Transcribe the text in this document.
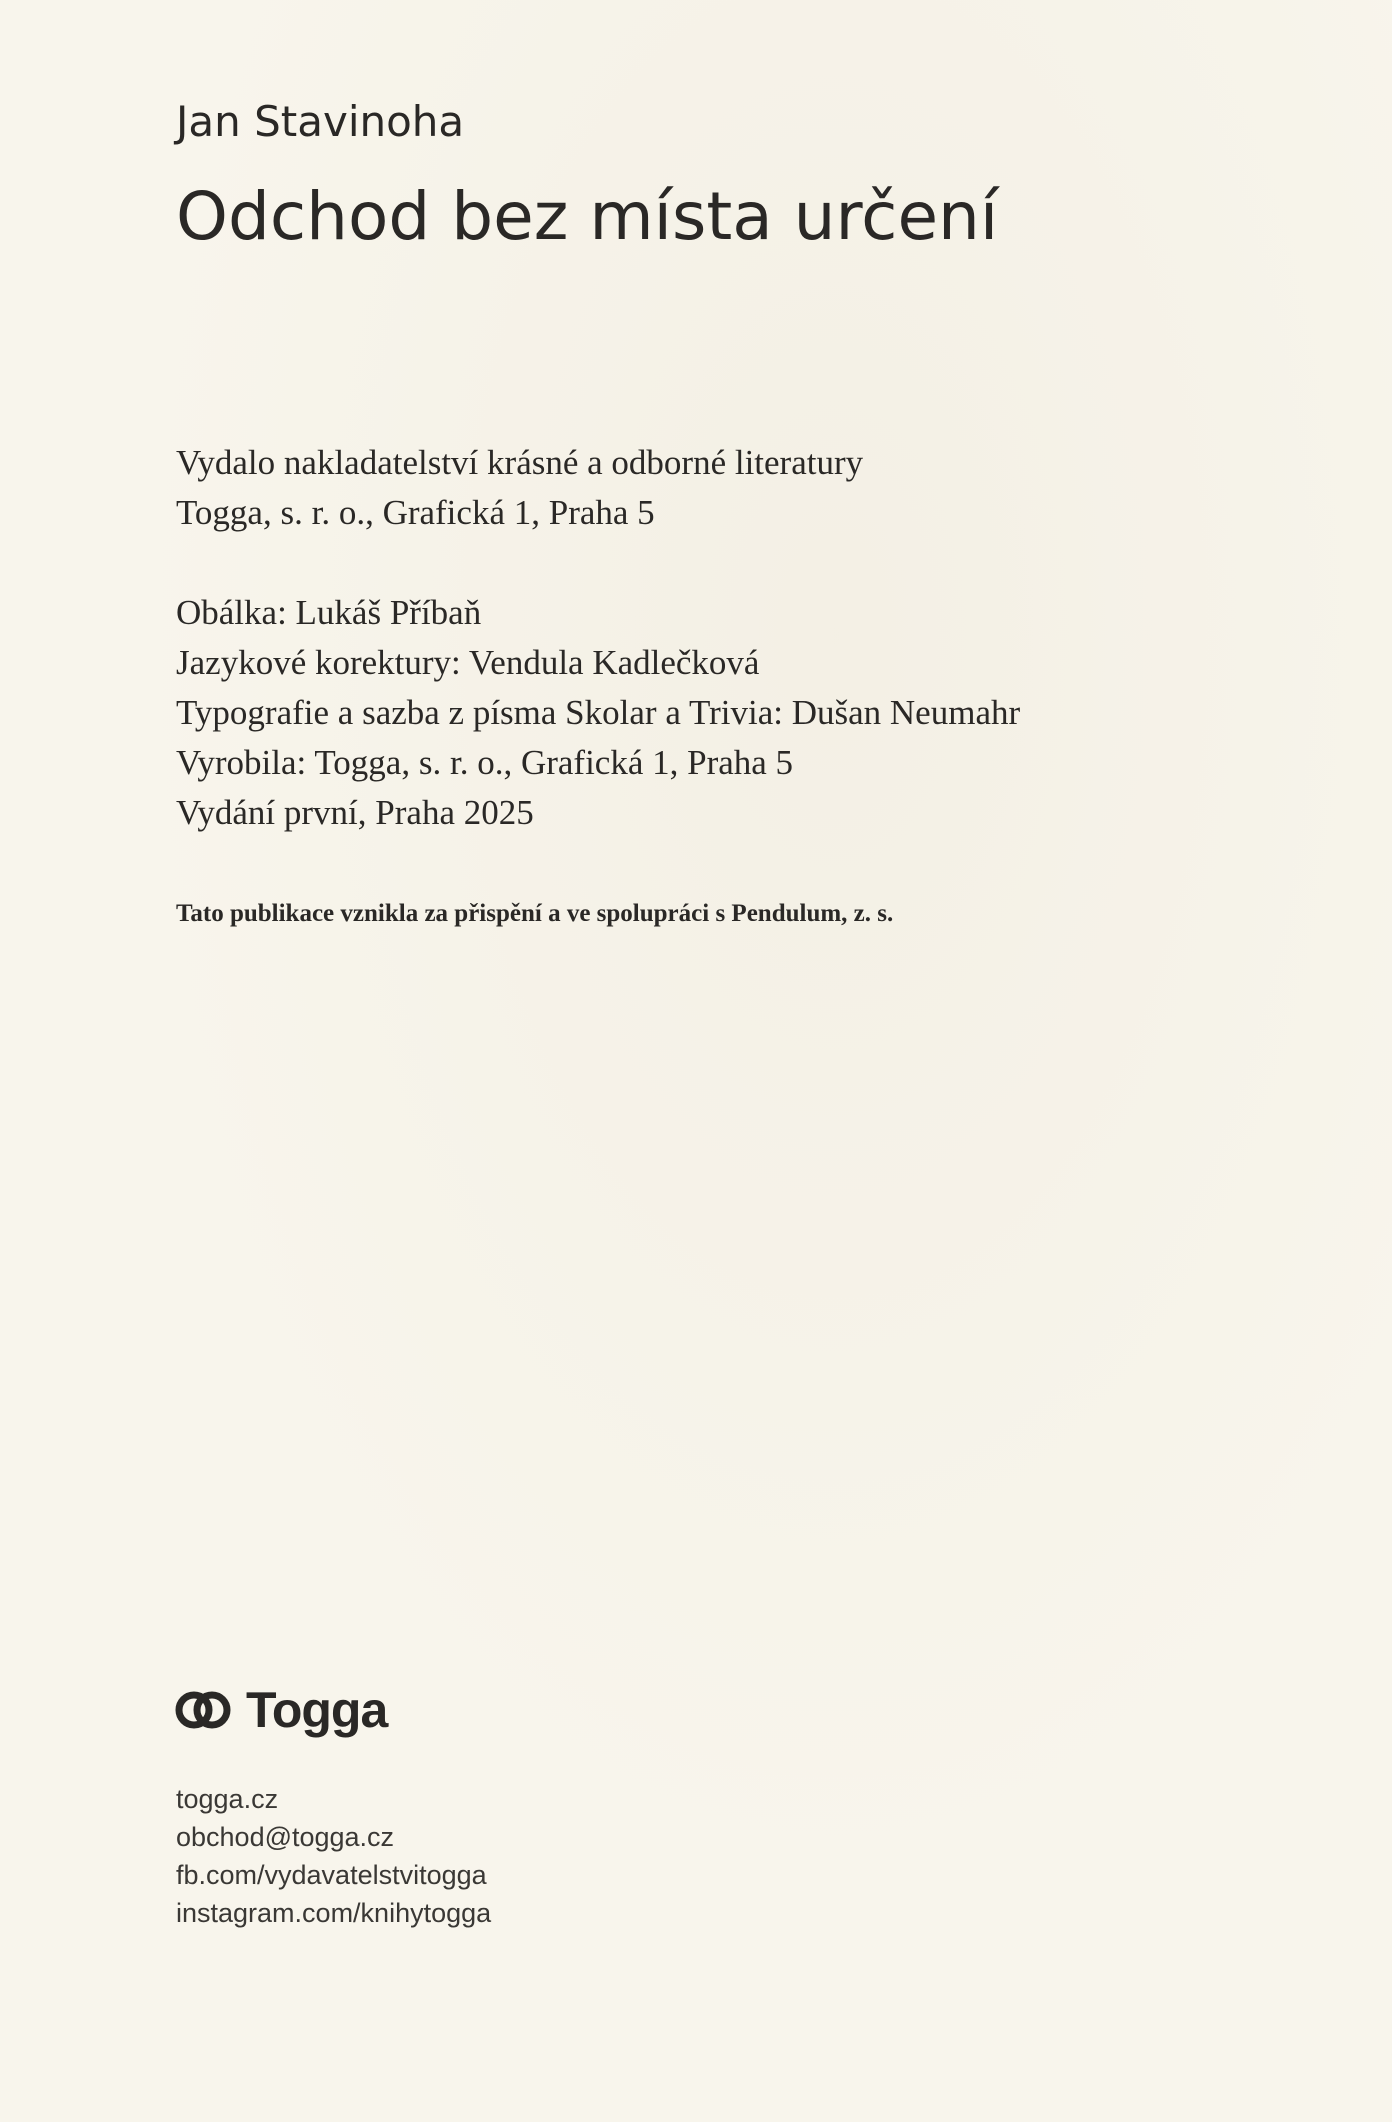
Jan Stavinoha
Odchod bez místa určení
Vydalo nakladatelství krásné a odborné literatury
Togga, s. r. o., Grafická 1, Praha 5
Obálka: Lukáš Příbaň
Jazykové korektury: Vendula Kadlečková
Typografie a sazba z písma Skolar a Trivia: Dušan Neumahr
Vyrobila: Togga, s. r. o., Grafická 1, Praha 5
Vydání první, Praha 2025

Tato publikace vznikla za přispění a ve spolupráci s Pendulum, z. s.

Togga
togga.cz
obchod@togga.cz
fb.com/vydavatelstvitogga
instagram.com/knihytogga
